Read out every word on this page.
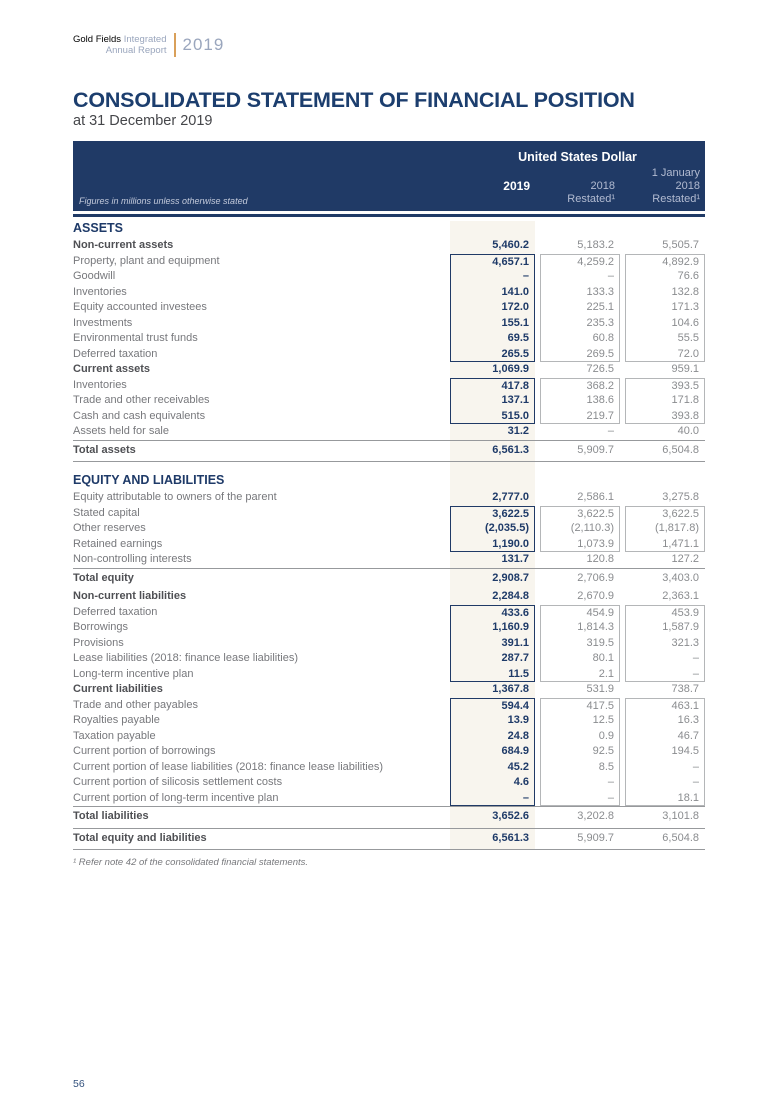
Gold Fields Integrated
Annual Report 2019
CONSOLIDATED STATEMENT OF FINANCIAL POSITION
at 31 December 2019
United States Dollar
2019	2018
Restated¹
1 January
2018
Restated¹
Figures in millions unless otherwise stated
ASSETS
Non-current assets	5,460.2	5,183.2	5,505.7
Property, plant and equipment	4,657.1	4,259.2	4,892.9
Goodwill	–	–	76.6
Inventories	141.0	133.3	132.8
Equity accounted investees	172.0	225.1	171.3
Investments	155.1	235.3	104.6
Environmental trust funds	69.5	60.8	55.5
Deferred taxation	265.5	269.5	72.0
Current assets	1,069.9	726.5	959.1
Inventories	417.8	368.2	393.5
Trade and other receivables	137.1	138.6	171.8
Cash and cash equivalents	515.0	219.7	393.8
Assets held for sale	31.2	–	40.0
Total assets	6,561.3	5,909.7	6,504.8
EQUITY AND LIABILITIES
Equity attributable to owners of the parent	2,777.0	2,586.1	3,275.8
Stated capital	3,622.5	3,622.5	3,622.5
Other reserves	(2,035.5)	(2,110.3)	(1,817.8)
Retained earnings	1,190.0	1,073.9	1,471.1
Non-controlling interests	131.7	120.8	127.2
Total equity	2,908.7	2,706.9	3,403.0
Non-current liabilities	2,284.8	2,670.9	2,363.1
Deferred taxation	433.6	454.9	453.9
Borrowings	1,160.9	1,814.3	1,587.9
Provisions	391.1	319.5	321.3
Lease liabilities (2018: finance lease liabilities)	287.7	80.1	–
Long-term incentive plan	11.5	2.1	–
Current liabilities	1,367.8	531.9	738.7
Trade and other payables	594.4	417.5	463.1
Royalties payable	13.9	12.5	16.3
Taxation payable	24.8	0.9	46.7
Current portion of borrowings	684.9	92.5	194.5
Current portion of lease liabilities (2018: finance lease liabilities)	45.2	8.5	–
Current portion of silicosis settlement costs	4.6	–	–
Current portion of long-term incentive plan	–	–	18.1
Total liabilities	3,652.6	3,202.8	3,101.8
Total equity and liabilities	6,561.3	5,909.7	6,504.8
¹ Refer note 42 of the consolidated financial statements.
56
